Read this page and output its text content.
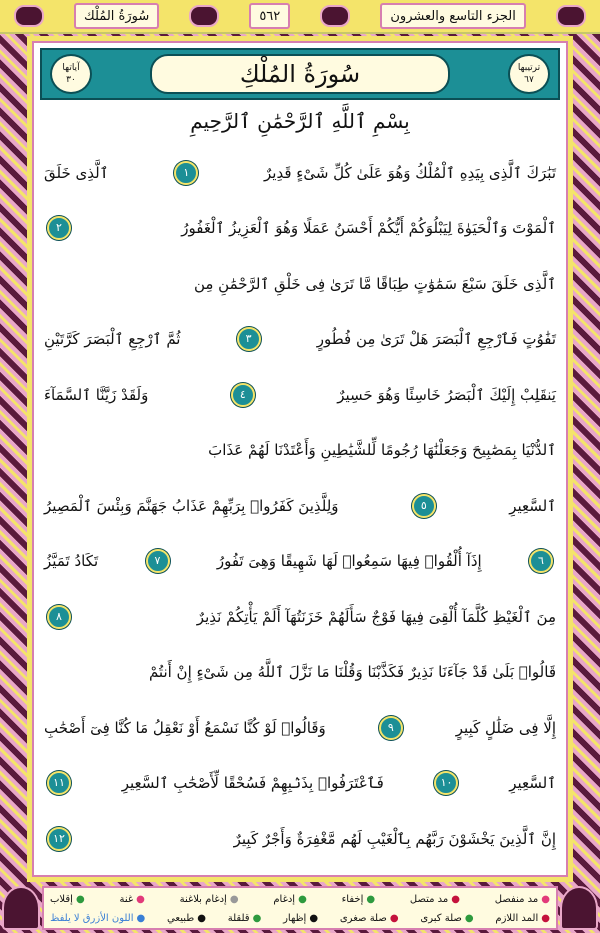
سُورَةُ المُلْك	٥٦٢	الجزء التاسع والعشرون
آياتها
٣٠	سُورَةُ المُلْكِ	ترتيبها
٦٧
بِسْمِ ٱللَّهِ ٱلرَّحْمَٰنِ ٱلرَّحِيمِ
تَبَٰرَكَ ٱلَّذِى بِيَدِهِ ٱلْمُلْكُ وَهُوَ عَلَىٰ كُلِّ شَىْءٍ قَدِيرٌ
١
ٱلَّذِى خَلَقَ
ٱلْمَوْتَ وَٱلْحَيَوٰةَ لِيَبْلُوَكُمْ أَيُّكُمْ أَحْسَنُ عَمَلًا وَهُوَ ٱلْعَزِيزُ ٱلْغَفُورُ
٢
ٱلَّذِى خَلَقَ سَبْعَ سَمَٰوَٰتٍ طِبَاقًا مَّا تَرَىٰ فِى خَلْقِ ٱلرَّحْمَٰنِ مِن
تَفَٰوُتٍ فَٱرْجِعِ ٱلْبَصَرَ هَلْ تَرَىٰ مِن فُطُورٍ
٣
ثُمَّ ٱرْجِعِ ٱلْبَصَرَ كَرَّتَيْنِ
يَنقَلِبْ إِلَيْكَ ٱلْبَصَرُ خَاسِئًا وَهُوَ حَسِيرٌ
٤
وَلَقَدْ زَيَّنَّا ٱلسَّمَآءَ
ٱلدُّنْيَا بِمَصَٰبِيحَ وَجَعَلْنَٰهَا رُجُومًا لِّلشَّيَٰطِينِ وَأَعْتَدْنَا لَهُمْ عَذَابَ
ٱلسَّعِيرِ
٥
وَلِلَّذِينَ كَفَرُوا۟ بِرَبِّهِمْ عَذَابُ جَهَنَّمَ وَبِئْسَ ٱلْمَصِيرُ
٦
إِذَآ أُلْقُوا۟ فِيهَا سَمِعُوا۟ لَهَا شَهِيقًا وَهِىَ تَفُورُ
٧
تَكَادُ تَمَيَّزُ
مِنَ ٱلْغَيْظِ كُلَّمَآ أُلْقِىَ فِيهَا فَوْجٌ سَأَلَهُمْ خَزَنَتُهَآ أَلَمْ يَأْتِكُمْ نَذِيرٌ
٨
قَالُوا۟ بَلَىٰ قَدْ جَآءَنَا نَذِيرٌ فَكَذَّبْنَا وَقُلْنَا مَا نَزَّلَ ٱللَّهُ مِن شَىْءٍ إِنْ أَنتُمْ
إِلَّا فِى ضَلَٰلٍ كَبِيرٍ
٩
وَقَالُوا۟ لَوْ كُنَّا نَسْمَعُ أَوْ نَعْقِلُ مَا كُنَّا فِىٓ أَصْحَٰبِ
ٱلسَّعِيرِ
١٠
فَٱعْتَرَفُوا۟ بِذَنۢبِهِمْ فَسُحْقًا لِّأَصْحَٰبِ ٱلسَّعِيرِ
١١
إِنَّ ٱلَّذِينَ يَخْشَوْنَ رَبَّهُم بِٱلْغَيْبِ لَهُم مَّغْفِرَةٌ وَأَجْرٌ كَبِيرٌ
١٢
●مد منفصل
●مد متصل
●إخفاء
●إدغام
●إدغام بلاغنة
●غنة
●إقلاب
●المد اللازم
●صلة كبرى
●صلة صغرى
●إظهار
●قلقلة
●طبيعي
●اللون الأزرق لا يلفظ
